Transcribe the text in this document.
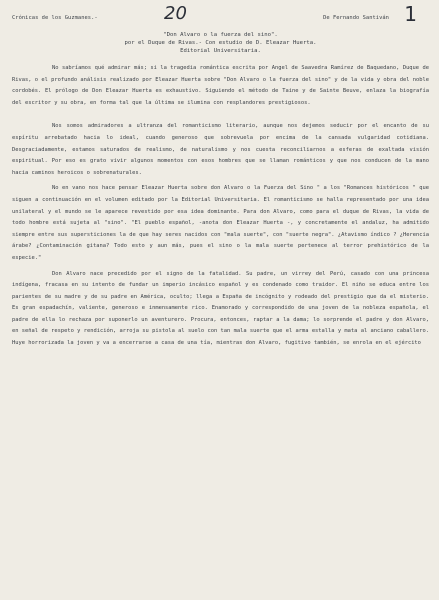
Crónicas de los Guzmanes.-	20	De Fernando Santiván 1
"Don Alvaro o la fuerza del sino".
por el Duque de Rivas.- Con estudio de D. Eleazar Huerta.
Editorial Universitaria.

No sabríamos qué admirar más; si la tragedia romántica escrita por Angel de Saavedra Ramírez de Baquedano, Duque de Rivas, o el profundo análisis realizado por Eleazar Huerta sobre "Don Alvaro o la fuerza del sino" y de la vida y obra del noble cordobés. El prólogo de Don Eleazar Huerta es exhaustivo. Siguiendo el método de Taine y de Sainte Beuve, enlaza la biografía del escritor y su obra, en forma tal que la última se ilumina con resplandores prestigiosos.

Nos somos admiradores a ultranza del romanticismo literario, aunque nos dejemos seducir por el encanto de su espíritu arrebatado hacia lo ideal, cuando generoso que sobrevuela por encima de la cansada vulgaridad cotidiana. Desgraciadamente, estamos saturados de realismo, de naturalismo y nos cuesta reconciliarnos a esferas de exaltada visión espiritual. Por eso es grato vivir algunos momentos con esos hombres que se llaman románticos y que nos conducen de la mano hacia caminos heroicos o sobrenaturales.

No en vano nos hace pensar Eleazar Huerta sobre don Alvaro o la Fuerza del Sino " a los "Romances históricos " que siguen a continuación en el volumen editado por la Editorial Universitaria. El romanticismo se halla representado por una idea unilateral y el mundo se le aparece revestido por esa idea dominante. Para don Alvaro, como para el duque de Rivas, la vida de todo hombre está sujeta al "sino". "El pueblo español, -anota don Eleazar Huerta -, y concretamente el andaluz, ha admitido siempre entre sus supersticiones la de que hay seres nacidos con "mala suerte", con "suerte negra". ¿Atavismo índico ? ¿Herencia árabe? ¿Contaminación gitana? Todo esto y aun más, pues el sino o la mala suerte pertenece al terror prehistórico de la especie."

Don Alvaro nace precedido por el signo de la fatalidad. Su padre, un virrey del Perú, casado con una princesa indígena, fracasa en su intento de fundar un imperio incásico español y es condenado como traidor. El niño se educa entre los parientes de su madre y de su padre en América, oculto; llega a España de incógnito y rodeado del prestigio que da el misterio. Es gran espadachín, valiente, generoso e inmensamente rico. Enamorado y correspondido de una joven de la nobleza española, el padre de ella lo rechaza por suponerlo un aventurero. Procura, entonces, raptar a la dama; lo sorprende el padre y don Alvaro, en señal de respeto y rendición, arroja su pistola al suelo con tan mala suerte que el arma estalla y mata al anciano caballero. Huye horrorizada la joven y va a encerrarse a casa de una tía, mientras don Alvaro, fugitivo también, se enrola en el ejército
